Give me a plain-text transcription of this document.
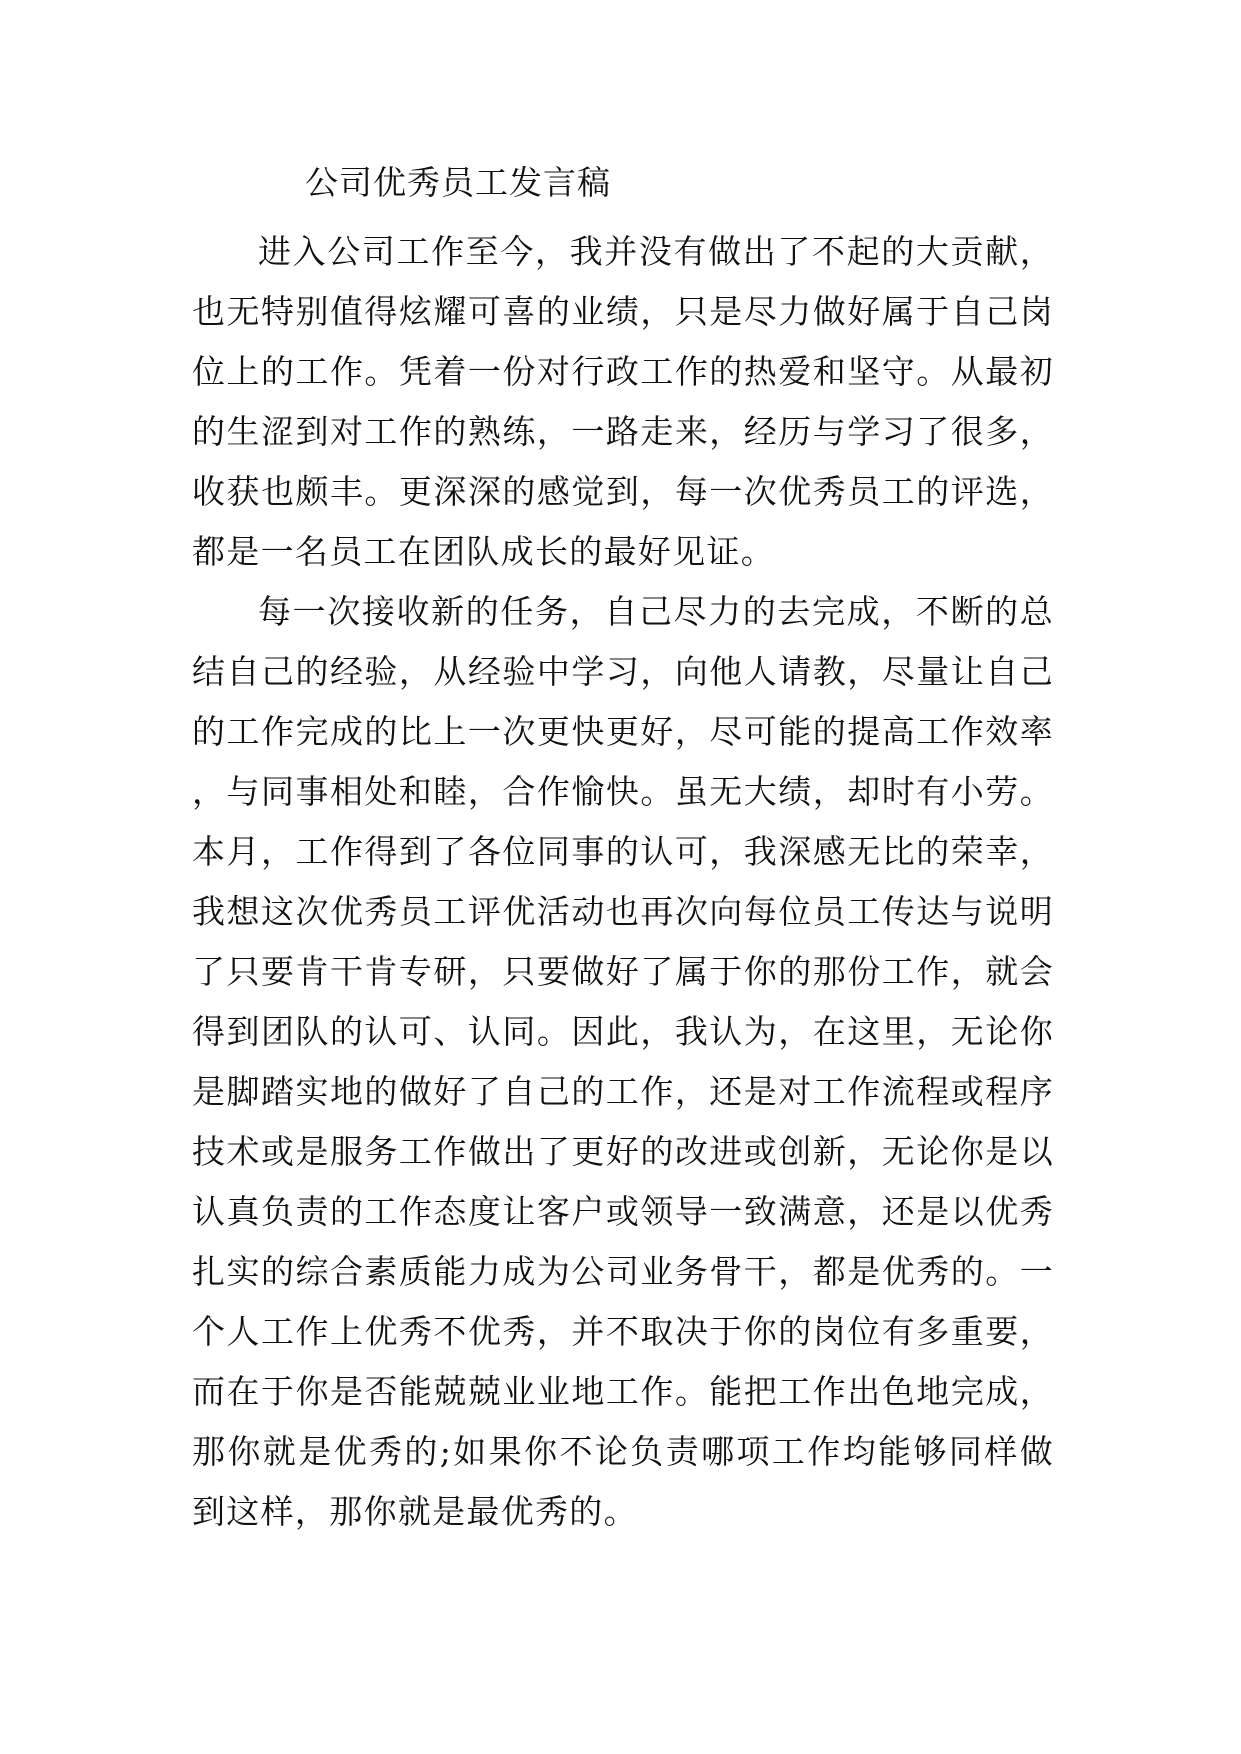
公司优秀员工发言稿

进入公司工作至今，我并没有做出了不起的大贡献，也无特别值得炫耀可喜的业绩，只是尽力做好属于自己岗位上的工作。凭着一份对行政工作的热爱和坚守。从最初的生涩到对工作的熟练，一路走来，经历与学习了很多，收获也颇丰。更深深的感觉到，每一次优秀员工的评选，都是一名员工在团队成长的最好见证。

每一次接收新的任务，自己尽力的去完成，不断的总结自己的经验，从经验中学习，向他人请教，尽量让自己的工作完成的比上一次更快更好，尽可能的提高工作效率，与同事相处和睦，合作愉快。虽无大绩，却时有小劳。本月，工作得到了各位同事的认可，我深感无比的荣幸，我想这次优秀员工评优活动也再次向每位员工传达与说明了只要肯干肯专研，只要做好了属于你的那份工作，就会得到团队的认可、认同。因此，我认为，在这里，无论你是脚踏实地的做好了自己的工作，还是对工作流程或程序技术或是服务工作做出了更好的改进或创新，无论你是以认真负责的工作态度让客户或领导一致满意，还是以优秀扎实的综合素质能力成为公司业务骨干，都是优秀的。一个人工作上优秀不优秀，并不取决于你的岗位有多重要，而在于你是否能兢兢业业地工作。能把工作出色地完成，那你就是优秀的;如果你不论负责哪项工作均能够同样做到这样，那你就是最优秀的。
